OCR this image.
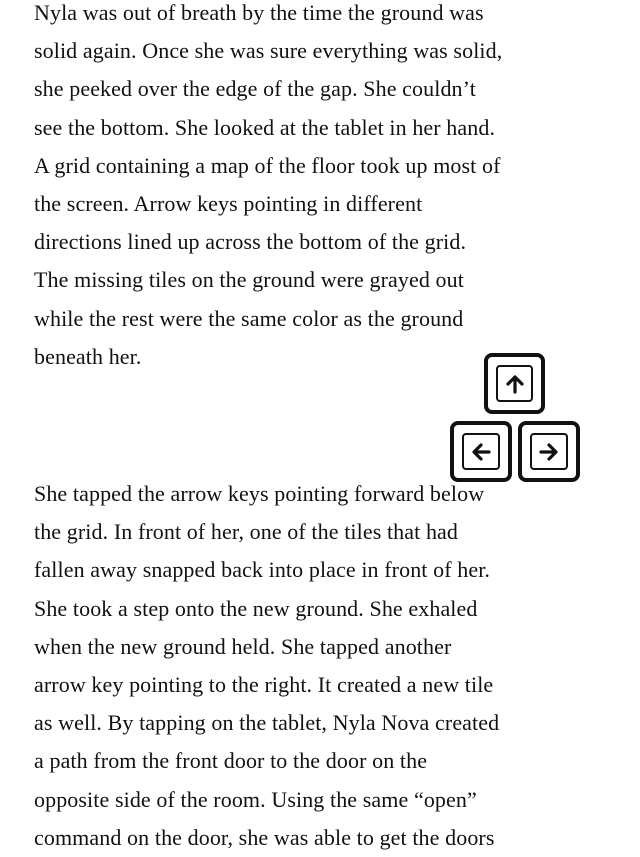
Nyla was out of breath by the time the ground was
solid again. Once she was sure everything was solid,
she peeked over the edge of the gap. She couldn’t
see the bottom. She looked at the tablet in her hand.
A grid containing a map of the floor took up most of
the screen. Arrow keys pointing in different
directions lined up across the bottom of the grid.
The missing tiles on the ground were grayed out
while the rest were the same color as the ground
beneath her.
She tapped the arrow keys pointing forward below
the grid. In front of her, one of the tiles that had
fallen away snapped back into place in front of her.
She took a step onto the new ground. She exhaled
when the new ground held. She tapped another
arrow key pointing to the right. It created a new tile
as well. By tapping on the tablet, Nyla Nova created
a path from the front door to the door on the
opposite side of the room. Using the same “open”
command on the door, she was able to get the doors
